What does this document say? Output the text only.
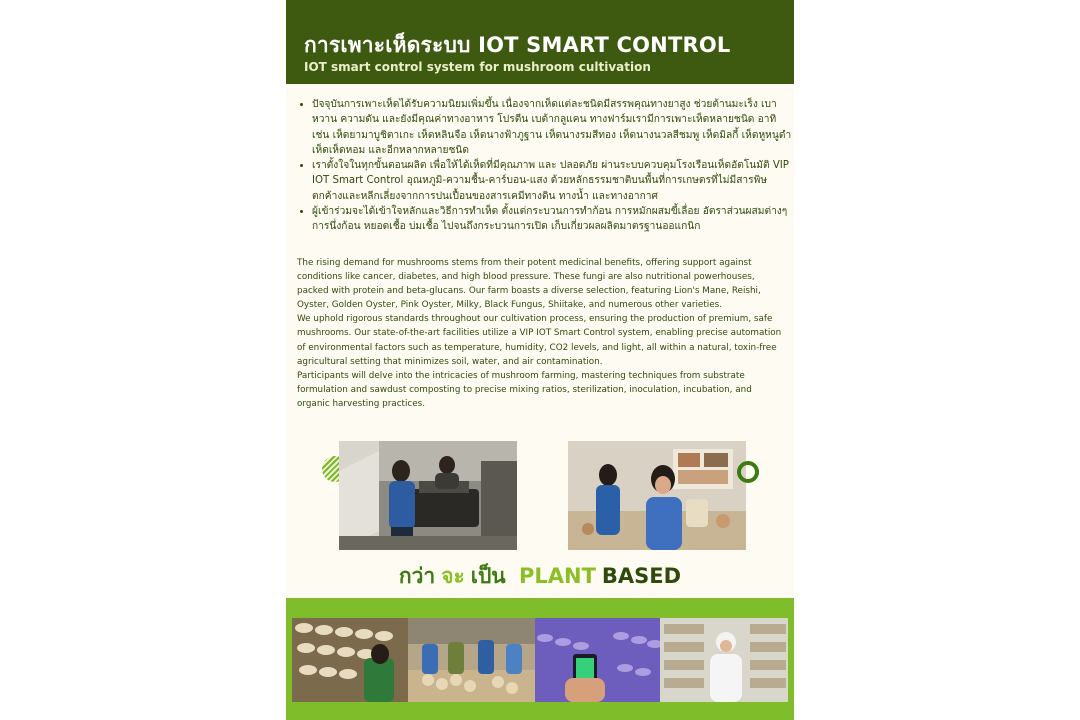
การเพาะเห็ดระบบ IOT SMART CONTROL
IOT smart control system for mushroom cultivation
• ปัจจุบันการเพาะเห็ดได้รับความนิยมเพิ่มขึ้น เนื่องจากเห็ดแต่ละชนิดมีสรรพคุณทางยาสูง ช่วยต้านมะเร็ง เบาหวาน ความดัน และยังมีคุณค่าทางอาหาร โปรตีน เบต้ากลูแคน ทางฟาร์มเรามีการเพาะเห็ดหลายชนิด อาทิ เช่น เห็ดยามาบูชิตาเกะ เห็ดหลินจือ เห็ดนางฟ้าภูฐาน เห็ดนางรมสีทอง เห็ดนางนวลสีชมพู เห็ดมิลกี้ เห็ดหูหนูดำ เห็ดเห็ดหอม และอีกหลากหลายชนิด
• เราตั้งใจในทุกขั้นตอนผลิต เพื่อให้ได้เห็ดที่มีคุณภาพ และ ปลอดภัย ผ่านระบบควบคุมโรงเรือนเห็ดอัตโนมัติ VIP IOT Smart Control อุณหภูมิ-ความชื้น-คาร์บอน-แสง ด้วยหลักธรรมชาติบนพื้นที่การเกษตรที่ไม่มีสารพิษตกค้างและหลีกเลี่ยงจากการปนเปื้อนของสารเคมีทางดิน ทางน้ำ และทางอากาศ
• ผู้เข้าร่วมจะได้เข้าใจหลักและวิธีการทำเห็ด ตั้งแต่กระบวนการทำก้อน การหมักผสมขี้เลื่อย อัตราส่วนผสมต่างๆ การนึ่งก้อน หยอดเชื้อ บ่มเชื้อ ไปจนถึงกระบวนการเปิด เก็บเกี่ยวผลผลิตมาตรฐานออแกนิก

The rising demand for mushrooms stems from their potent medicinal benefits, offering support against conditions like cancer, diabetes, and high blood pressure. These fungi are also nutritional powerhouses, packed with protein and beta-glucans. Our farm boasts a diverse selection, featuring Lion's Mane, Reishi, Oyster, Golden Oyster, Pink Oyster, Milky, Black Fungus, Shiitake, and numerous other varieties.

We uphold rigorous standards throughout our cultivation process, ensuring the production of premium, safe mushrooms. Our state-of-the-art facilities utilize a VIP IOT Smart Control system, enabling precise automation of environmental factors such as temperature, humidity, CO2 levels, and light, all within a natural, toxin-free agricultural setting that minimizes soil, water, and air contamination.

Participants will delve into the intricacies of mushroom farming, mastering techniques from substrate formulation and sawdust composting to precise mixing ratios, sterilization, inoculation, incubation, and organic harvesting practices.

กว่า จะ เป็น PLANT BASED
